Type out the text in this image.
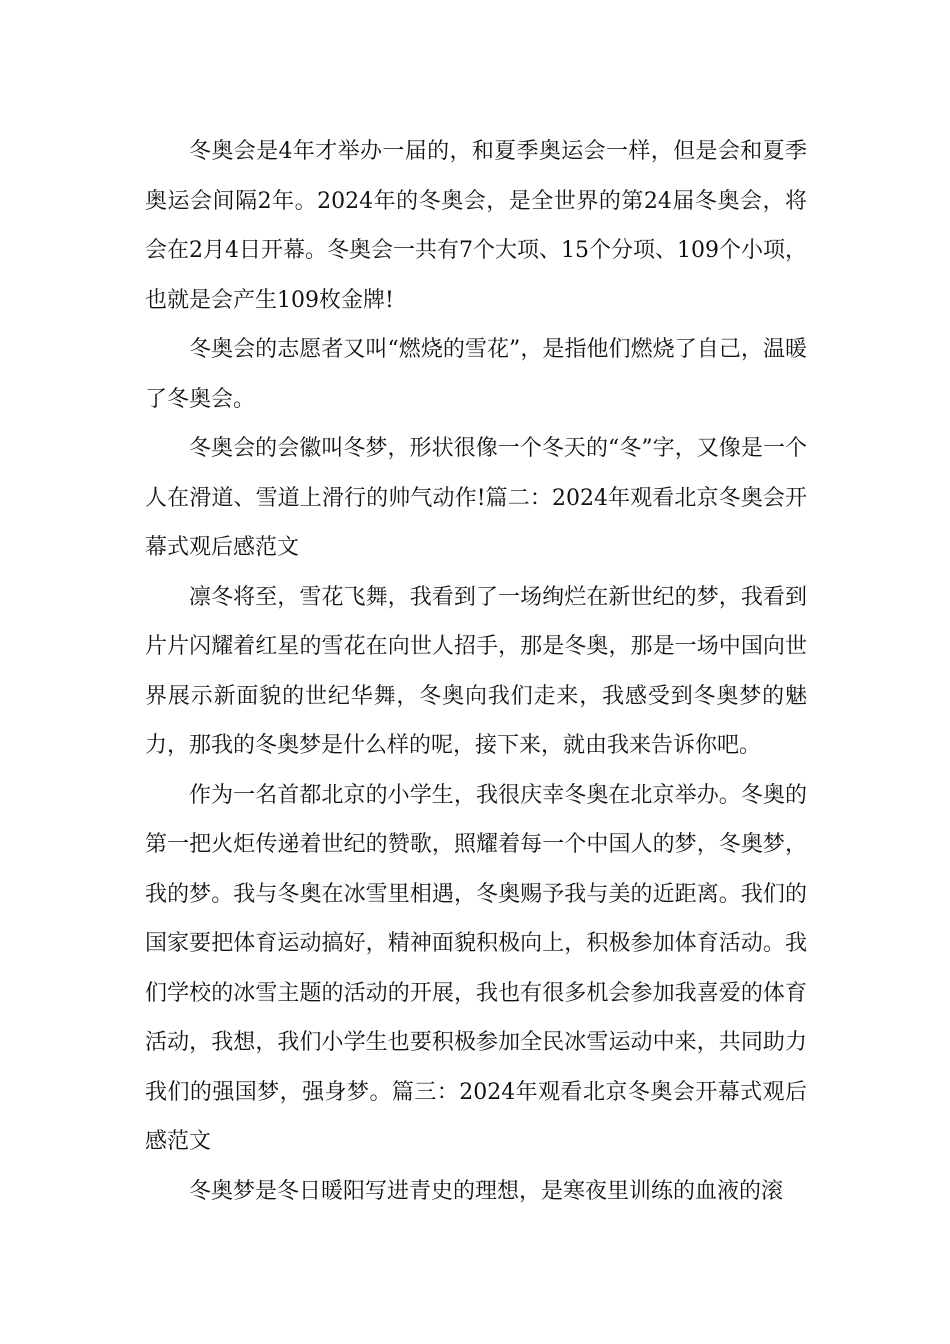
冬奥会是4年才举办一届的，和夏季奥运会一样，但是会和夏季奥运会间隔2年。2024年的冬奥会，是全世界的第24届冬奥会，将会在2月4日开幕。冬奥会一共有7个大项、15个分项、109个小项，也就是会产生109枚金牌!

冬奥会的志愿者又叫“燃烧的雪花”，是指他们燃烧了自己，温暖了冬奥会。

冬奥会的会徽叫冬梦，形状很像一个冬天的“冬”字，又像是一个人在滑道、雪道上滑行的帅气动作!篇二：2024年观看北京冬奥会开幕式观后感范文

凛冬将至，雪花飞舞，我看到了一场绚烂在新世纪的梦，我看到片片闪耀着红星的雪花在向世人招手，那是冬奥，那是一场中国向世界展示新面貌的世纪华舞，冬奥向我们走来，我感受到冬奥梦的魅力，那我的冬奥梦是什么样的呢，接下来，就由我来告诉你吧。

作为一名首都北京的小学生，我很庆幸冬奥在北京举办。冬奥的第一把火炬传递着世纪的赞歌，照耀着每一个中国人的梦，冬奥梦，我的梦。我与冬奥在冰雪里相遇，冬奥赐予我与美的近距离。我们的国家要把体育运动搞好，精神面貌积极向上，积极参加体育活动。我们学校的冰雪主题的活动的开展，我也有很多机会参加我喜爱的体育活动，我想，我们小学生也要积极参加全民冰雪运动中来，共同助力我们的强国梦，强身梦。篇三：2024年观看北京冬奥会开幕式观后感范文

冬奥梦是冬日暖阳写进青史的理想，是寒夜里训练的血液的滚
